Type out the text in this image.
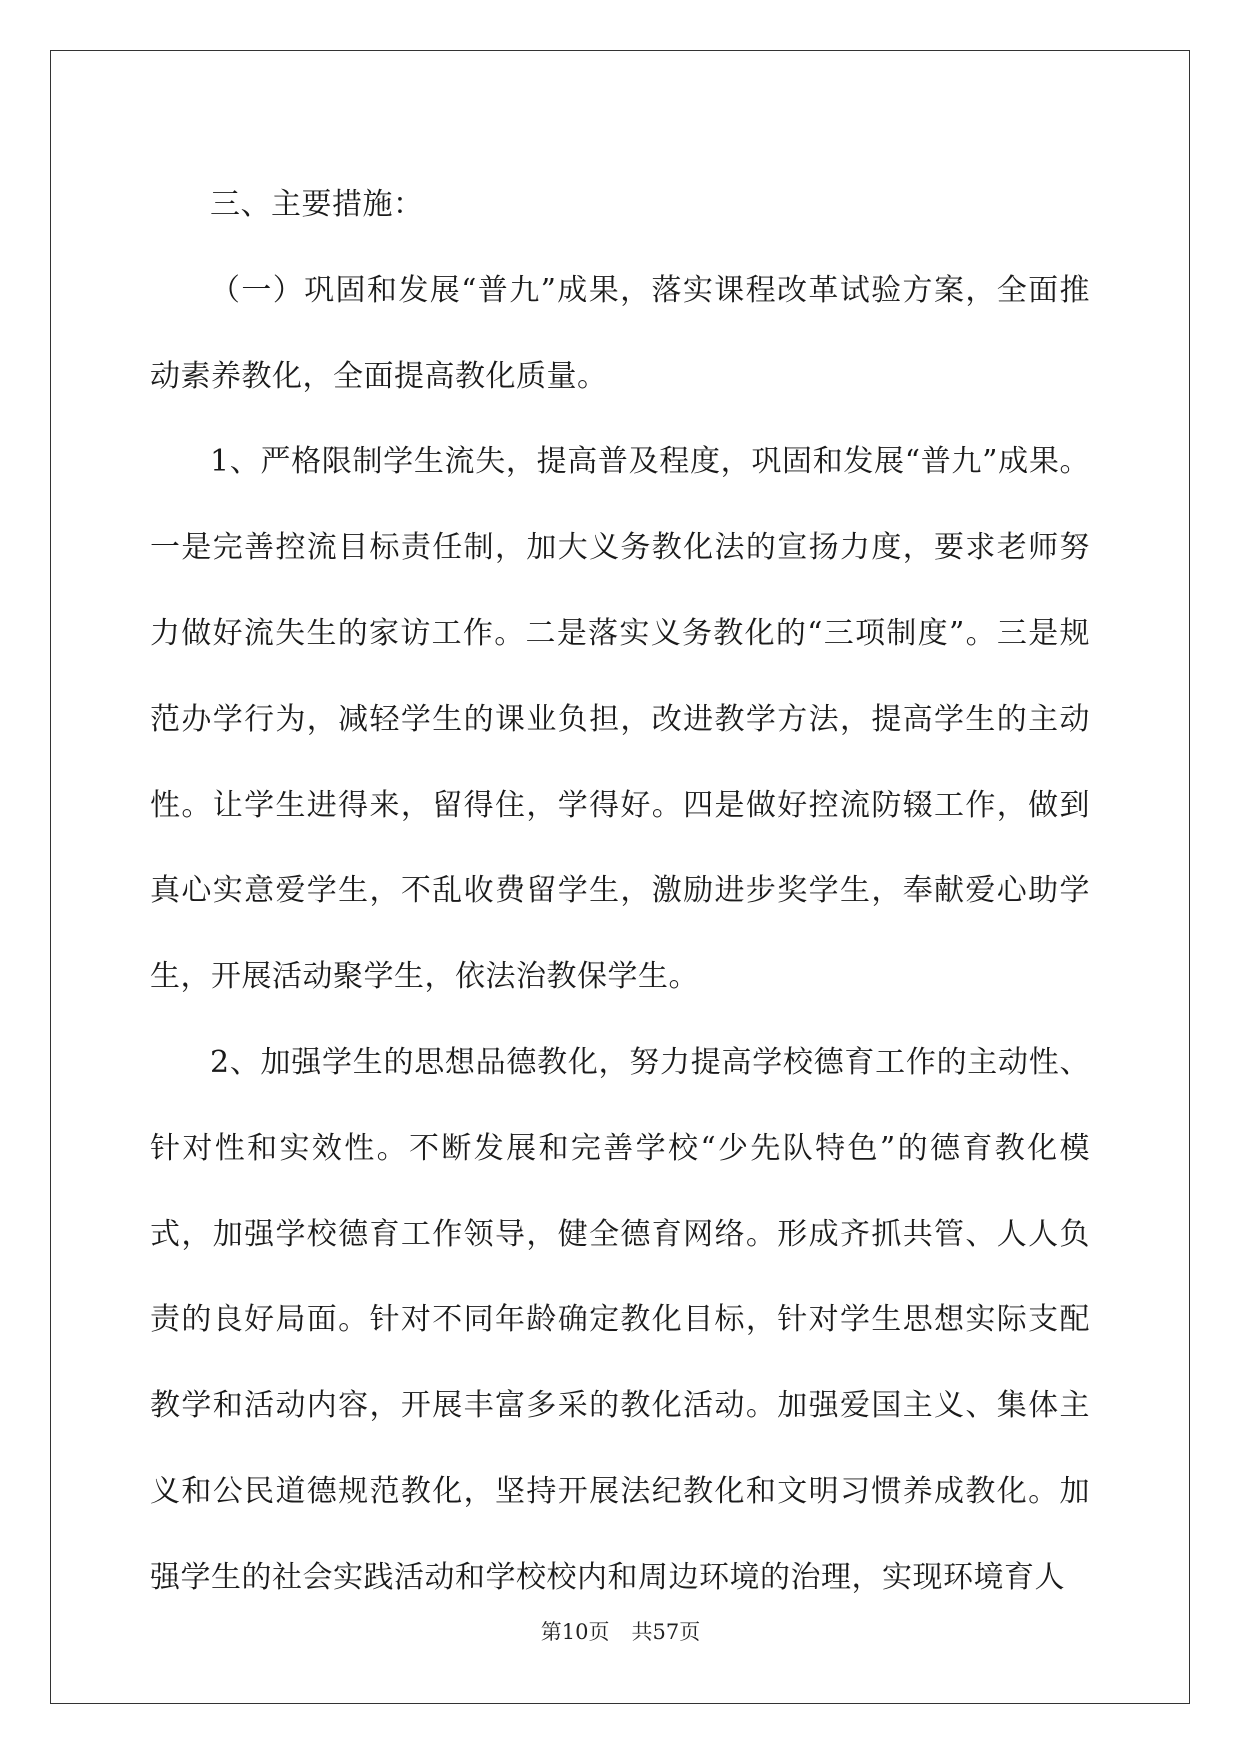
三、主要措施：

（一）巩固和发展“普九”成果，落实课程改革试验方案，全面推动素养教化，全面提高教化质量。

1、严格限制学生流失，提高普及程度，巩固和发展“普九”成果。一是完善控流目标责任制，加大义务教化法的宣扬力度，要求老师努力做好流失生的家访工作。二是落实义务教化的“三项制度”。三是规范办学行为，减轻学生的课业负担，改进教学方法，提高学生的主动性。让学生进得来，留得住，学得好。四是做好控流防辍工作，做到真心实意爱学生，不乱收费留学生，激励进步奖学生，奉献爱心助学生，开展活动聚学生，依法治教保学生。

2、加强学生的思想品德教化，努力提高学校德育工作的主动性、针对性和实效性。不断发展和完善学校“少先队特色”的德育教化模式，加强学校德育工作领导，健全德育网络。形成齐抓共管、人人负责的良好局面。针对不同年龄确定教化目标，针对学生思想实际支配教学和活动内容，开展丰富多采的教化活动。加强爱国主义、集体主义和公民道德规范教化，坚持开展法纪教化和文明习惯养成教化。加强学生的社会实践活动和学校校内和周边环境的治理，实现环境育人

第10页 共57页
